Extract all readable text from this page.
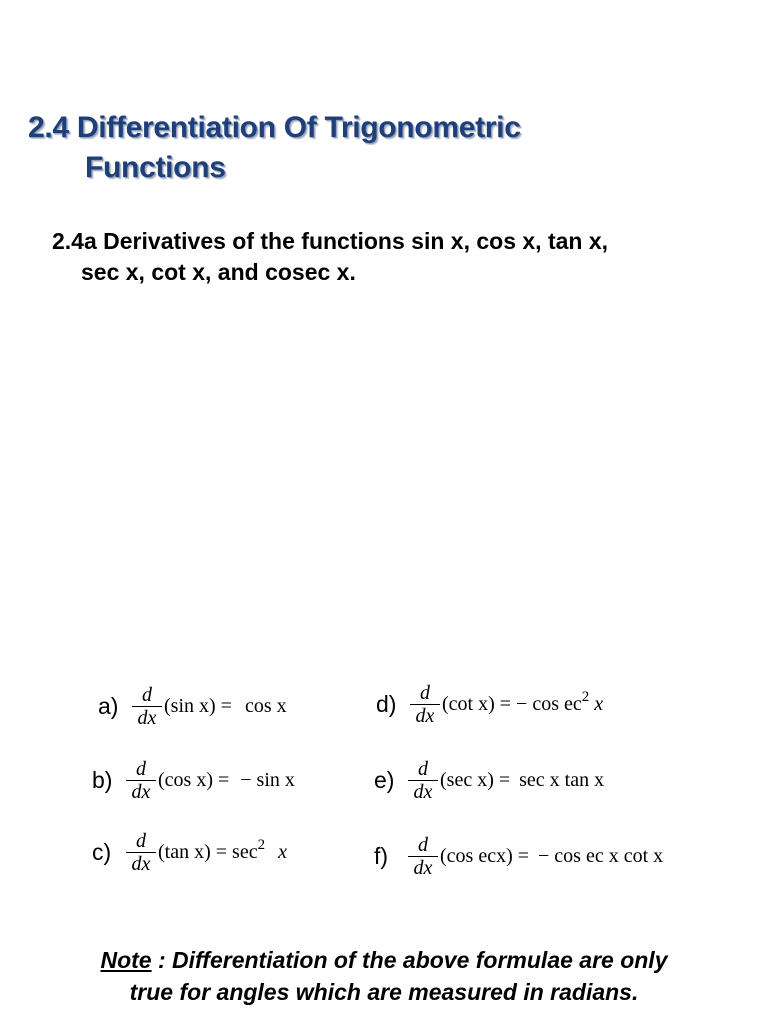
2.4 Differentiation Of Trigonometric
Functions
2.4a Derivatives of the functions sin x, cos x, tan x,
sec x, cot x, and cosec x.
$a) \frac{d}{dx} (\sin$ x) = cos x
$b) \frac{d}{dx} (\cos$ x) = − sin x
$c) \frac{d}{dx} (\tan$ $x) = \sec^2 x$
$d) \frac{d}{dx} (\cot$ x) = − $\cos ec^2$ x
$e) \frac{d}{dx} (\sec$ x) = sec x tan x
$f) \frac{d}{dx} (\cos$ ecx) = − cos ec x cot x
Note : Differentiation of the above formulae are only
true for angles which are measured in radians.
